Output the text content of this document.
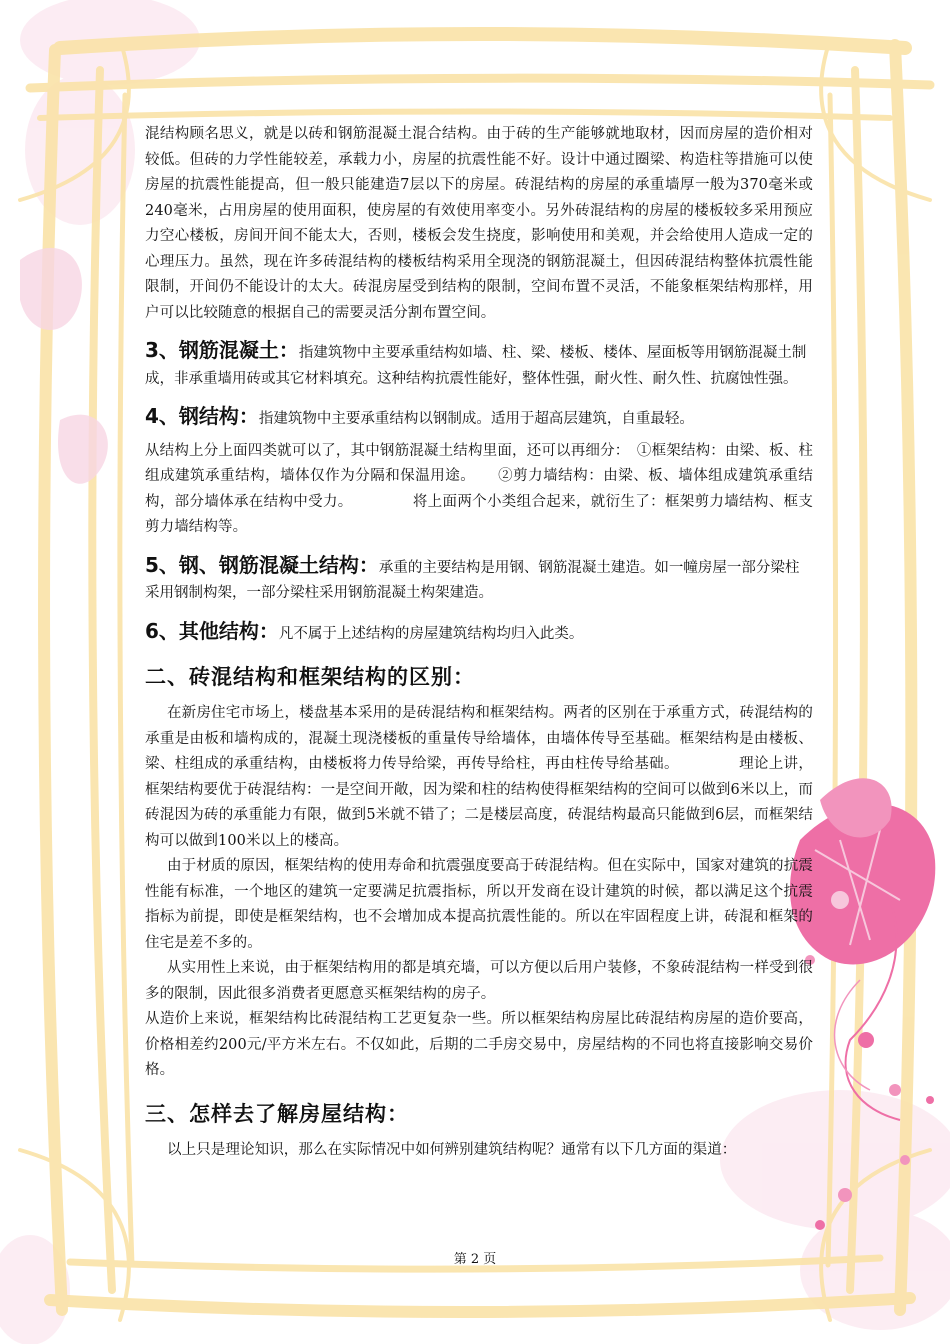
混结构顾名思义，就是以砖和钢筋混凝土混合结构。由于砖的生产能够就地取材，因而房屋的造价相对较低。但砖的力学性能较差，承载力小，房屋的抗震性能不好。设计中通过圈梁、构造柱等措施可以使房屋的抗震性能提高，但一般只能建造7层以下的房屋。砖混结构的房屋的承重墙厚一般为370毫米或240毫米，占用房屋的使用面积，使房屋的有效使用率变小。另外砖混结构的房屋的楼板较多采用预应力空心楼板，房间开间不能太大，否则，楼板会发生挠度，影响使用和美观，并会给使用人造成一定的心理压力。虽然，现在许多砖混结构的楼板结构采用全现浇的钢筋混凝土，但因砖混结构整体抗震性能限制，开间仍不能设计的太大。砖混房屋受到结构的限制，空间布置不灵活，不能象框架结构那样，用户可以比较随意的根据自己的需要灵活分割布置空间。

3、钢筋混凝土：指建筑物中主要承重结构如墙、柱、梁、楼板、楼体、屋面板等用钢筋混凝土制成，非承重墙用砖或其它材料填充。这种结构抗震性能好，整体性强，耐火性、耐久性、抗腐蚀性强。
4、钢结构：指建筑物中主要承重结构以钢制成。适用于超高层建筑，自重最轻。

从结构上分上面四类就可以了，其中钢筋混凝土结构里面，还可以再细分：　①框架结构：由梁、板、柱组成建筑承重结构，墙体仅作为分隔和保温用途。　　②剪力墙结构：由梁、板、墙体组成建筑承重结构，部分墙体承在结构中受力。	将上面两个小类组合起来，就衍生了：框架剪力墙结构、框支剪力墙结构等。

5、钢、钢筋混凝土结构：承重的主要结构是用钢、钢筋混凝土建造。如一幢房屋一部分梁柱采用钢制构架，一部分梁柱采用钢筋混凝土构架建造。
6、其他结构：凡不属于上述结构的房屋建筑结构均归入此类。
二、砖混结构和框架结构的区别：

在新房住宅市场上，楼盘基本采用的是砖混结构和框架结构。两者的区别在于承重方式，砖混结构的承重是由板和墙构成的，混凝土现浇楼板的重量传导给墙体，由墙体传导至基础。框架结构是由楼板、梁、柱组成的承重结构，由楼板将力传导给梁，再传导给柱，再由柱传导给基础。	理论上讲，框架结构要优于砖混结构：一是空间开敞，因为梁和柱的结构使得框架结构的空间可以做到6米以上，而砖混因为砖的承重能力有限，做到5米就不错了；二是楼层高度，砖混结构最高只能做到6层，而框架结构可以做到100米以上的楼高。

由于材质的原因，框架结构的使用寿命和抗震强度要高于砖混结构。但在实际中，国家对建筑的抗震性能有标准，一个地区的建筑一定要满足抗震指标，所以开发商在设计建筑的时候，都以满足这个抗震指标为前提，即使是框架结构，也不会增加成本提高抗震性能的。所以在牢固程度上讲，砖混和框架的住宅是差不多的。

从实用性上来说，由于框架结构用的都是填充墙，可以方便以后用户装修，不象砖混结构一样受到很多的限制，因此很多消费者更愿意买框架结构的房子。

从造价上来说，框架结构比砖混结构工艺更复杂一些。所以框架结构房屋比砖混结构房屋的造价要高，价格相差约200元/平方米左右。不仅如此，后期的二手房交易中，房屋结构的不同也将直接影响交易价格。

三、怎样去了解房屋结构：

以上只是理论知识，那么在实际情况中如何辨别建筑结构呢？通常有以下几方面的渠道：

第 2 页
